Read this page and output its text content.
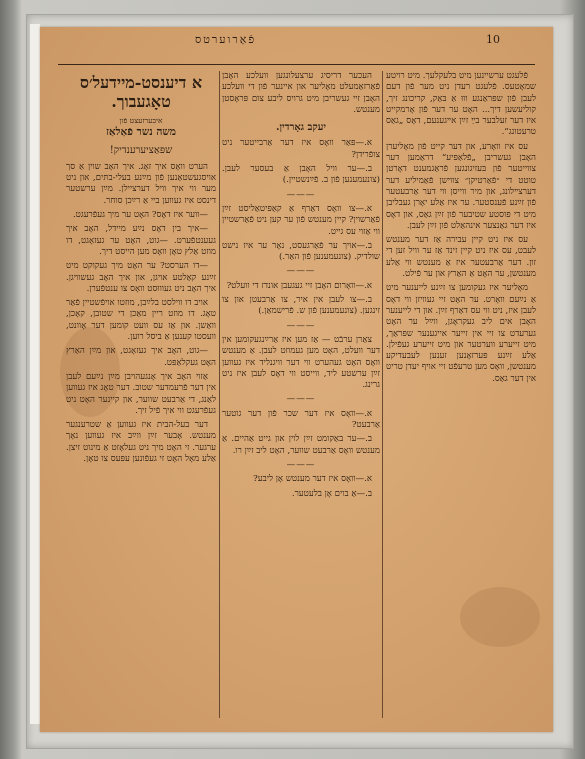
10
פֿאַרוערטס

פֿלעגט ערשיינען מיט בלעקלעך. מיט רויטע שמאָטעס. פֿלעגט רעדן ניט מער פֿון דעם לעבן פֿון שפּראַנגע וווּ אַ בּאַק, קריכונג זיך, קוליעשען דיך... האָט ער דער פֿון אָרמקייט איז דער זעלבער בײַ זײַן אײגענעם, דאָס „גאַס טרעטונג“.

עס איז וואָרע, און דער קייט פֿון מאָליערן האָבן געשריבן „פֿלאַפּיע“ דראַמען דער צווייטער פֿון בּעזיגונגען פֿראַגמענט דאָרטן טוטט די ״פֿאַרטיקן״ צווישן פֿאַמיליע דער דערצײלונג, און מיר ווייסן ווי דער אַרבעטער פֿון זײַנע פֿענסטער. ער איז אַלע יאָרן געבליבן מיט די פּוסטע שטיבער פֿון זײַן גאַס, און דאָס איז דער גאַנצער אינהאַלט פֿון זײַן לעבן.

עס איז ניט קיין עבירה אַז דער מענטש לעבט, עס איז ניט קיין זינד אַז ער וויל זען די זון. דער אַרבעטער איז אַ מענטש ווי אַלע מענטשן, ער האָט אַ האַרץ און ער פֿילט.

מאָליער איז געקומען צו זײַנע לייענער מיט אַ נײַעם וואָרט. ער האָט זיי געוויזן ווי דאָס לעבן איז, ניט ווי עס דאַרף זײַן. און די לייענער האָבן אים ליב געקראָגן, ווײַל ער האָט גערעדט צו זיי אין זייער אייגענער שפּראַך, מיט זייערע ווערטער און מיט זייערע געפֿילן. אַלע זײַנע פּערזאָנען זענען לעבעדיקע מענטשן, וואָס מען טרעפֿט זיי אויף יעדן טריט אין דער גאַס.

העכער דריסיג ערצעלונגען וועלכע האָבן פֿאַרזאַמעלט מאָליער און איינער פֿון די וועלכע האָבן זיי געשריבן מיט גרויס ליבע צום פּראָסטן מענטש.

יעקב גאָרדין.

א.—פּאַר וואָס איז דער אַרבייטער ניט צופֿרידן?

ב.—ער וויל האָבן אַ בעסער לעבן. (צונעמענען פֿון ב. פֿײַנשטיין.)

———

א.—צו וואָס דאַרף אַ קאַפּיטאַליסט זײַן פֿאַרשוין? קיין מענטש פֿון ער קען ניט פֿאַרשטיין ווי אַזוי עס גייט.

ב.—אויך ער פֿאַרגעסט, נאָר ער איז נישט שולדיק. (צונעמענען פֿון האַר.)

———

א.—וואָרום האָבן זיי געגעבן אונדז די וועלט?

ב.—צו לעבן אין איר, צו אַרבעטן און צו זינגען. (צונעמענען פֿון ש. פֿרישמאַן.)

———

צאַרן ערבֿט — אַז מען איז אַרײַנגעקומען אין דער וועלט, האָט מען געמוזט לעבן. אַ מענטש וואָס האָט געהערט ווי דער וויגנליד איז געווען זײַן ערשטע ליד, ווייסט ווי דאָס לעבן איז ניט גרינג.

———

א.—וואָס איז דער שכר פֿון דער גוטער אַרבעט?

ב.—ער באַקומט זײַן לוין און גייט אַהיים. אַ מענטש וואָס אַרבעט שווער, האָט ליב זײַן רו.

———

א.—וואָס איז דער מענטש אָן ליבע?

ב.—אַ בוים אָן בלעטער.

א דיענסט-מיידעל׳ס טאָגעבוך.
איבערזעצט פֿון
משה נשר פֿאַלאַז
שפּאַציערענדיק!

הערט וואָס איך זאָג. איך האָב שוין אַ סך אויסגעשטאַנען פֿון מײַנע בעלי-בתּים, און ניט מער ווי איך וויל דערציילן. מײַן ערשטער דינסט איז געווען ביי אַ רײַכן סוחר.

—ווער איז דאָס? האָט ער מיך געפֿרעגט.

—איך בין דאָס נײַע מיידל, האָב איך געענטפֿערט. —גוט, האָט ער געזאָגט, דו מוזט אַלץ טאָן וואָס מען הייסט דיך.

—דו הערסט? ער האָט מיך געקוקט מיט זײַנע קאַלטע אויגן, און איך האָב געשוויגן. איך האָב ניט געוווּסט וואָס צו ענטפֿערן.

אויב דו ווילסט בלײַבן, מוזטו אויפֿשטיין פֿאַר טאָג. דו מוזט ריין מאַכן די שטובן, קאָכן, וואַשן. און אַז עס וועט קומען דער אָוונט, וועסטו קענען אַ ביסל רוען.

—גוט, האָב איך געזאָגט, און מײַן האַרץ האָט געקלאַפּט.

אַזוי האָב איך אָנגעהויבן מײַן נײַעם לעבן אין דער פֿרעמדער שטוב. דער טאָג איז געווען לאַנג, די אַרבעט שווער, און קיינער האָט ניט געפֿרעגט ווי איך פֿיל זיך.

דער בעל-הבית איז געווען אַ שטרענגער מענטש. אָבער זײַן ווײַב איז געווען נאָך ערגער. זי האָט מיך ניט געלאָזט אַ מינוט זיצן. אַלע מאָל האָט זי געפֿונען עפּעס צו טאָן.
